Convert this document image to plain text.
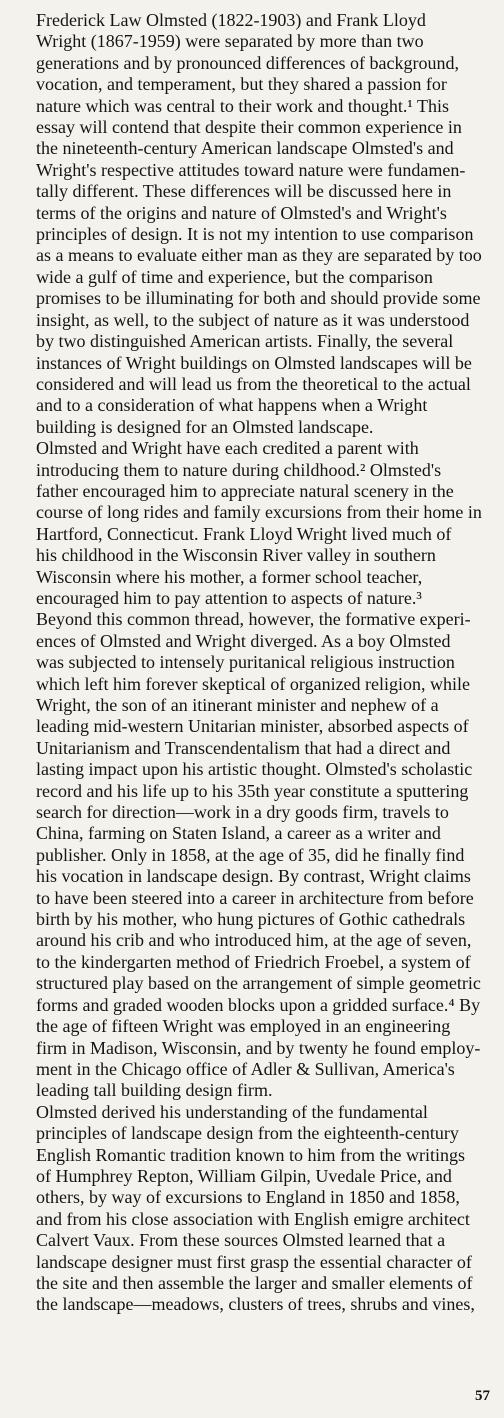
Frederick Law Olmsted (1822-1903) and Frank Lloyd
Wright (1867-1959) were separated by more than two
generations and by pronounced differences of background,
vocation, and temperament, but they shared a passion for
nature which was central to their work and thought.¹ This
essay will contend that despite their common experience in
the nineteenth-century American landscape Olmsted's and
Wright's respective attitudes toward nature were fundamen-
tally different. These differences will be discussed here in
terms of the origins and nature of Olmsted's and Wright's
principles of design. It is not my intention to use comparison
as a means to evaluate either man as they are separated by too
wide a gulf of time and experience, but the comparison
promises to be illuminating for both and should provide some
insight, as well, to the subject of nature as it was understood
by two distinguished American artists. Finally, the several
instances of Wright buildings on Olmsted landscapes will be
considered and will lead us from the theoretical to the actual
and to a consideration of what happens when a Wright
building is designed for an Olmsted landscape.

Olmsted and Wright have each credited a parent with
introducing them to nature during childhood.² Olmsted's
father encouraged him to appreciate natural scenery in the
course of long rides and family excursions from their home in
Hartford, Connecticut. Frank Lloyd Wright lived much of
his childhood in the Wisconsin River valley in southern
Wisconsin where his mother, a former school teacher,
encouraged him to pay attention to aspects of nature.³
Beyond this common thread, however, the formative experi-
ences of Olmsted and Wright diverged. As a boy Olmsted
was subjected to intensely puritanical religious instruction
which left him forever skeptical of organized religion, while
Wright, the son of an itinerant minister and nephew of a
leading mid-western Unitarian minister, absorbed aspects of
Unitarianism and Transcendentalism that had a direct and
lasting impact upon his artistic thought. Olmsted's scholastic
record and his life up to his 35th year constitute a sputtering
search for direction—work in a dry goods firm, travels to
China, farming on Staten Island, a career as a writer and
publisher. Only in 1858, at the age of 35, did he finally find
his vocation in landscape design. By contrast, Wright claims
to have been steered into a career in architecture from before
birth by his mother, who hung pictures of Gothic cathedrals
around his crib and who introduced him, at the age of seven,
to the kindergarten method of Friedrich Froebel, a system of
structured play based on the arrangement of simple geometric
forms and graded wooden blocks upon a gridded surface.⁴ By
the age of fifteen Wright was employed in an engineering
firm in Madison, Wisconsin, and by twenty he found employ-
ment in the Chicago office of Adler & Sullivan, America's
leading tall building design firm.

Olmsted derived his understanding of the fundamental
principles of landscape design from the eighteenth-century
English Romantic tradition known to him from the writings
of Humphrey Repton, William Gilpin, Uvedale Price, and
others, by way of excursions to England in 1850 and 1858,
and from his close association with English emigre architect
Calvert Vaux. From these sources Olmsted learned that a
landscape designer must first grasp the essential character of
the site and then assemble the larger and smaller elements of
the landscape—meadows, clusters of trees, shrubs and vines,

57
